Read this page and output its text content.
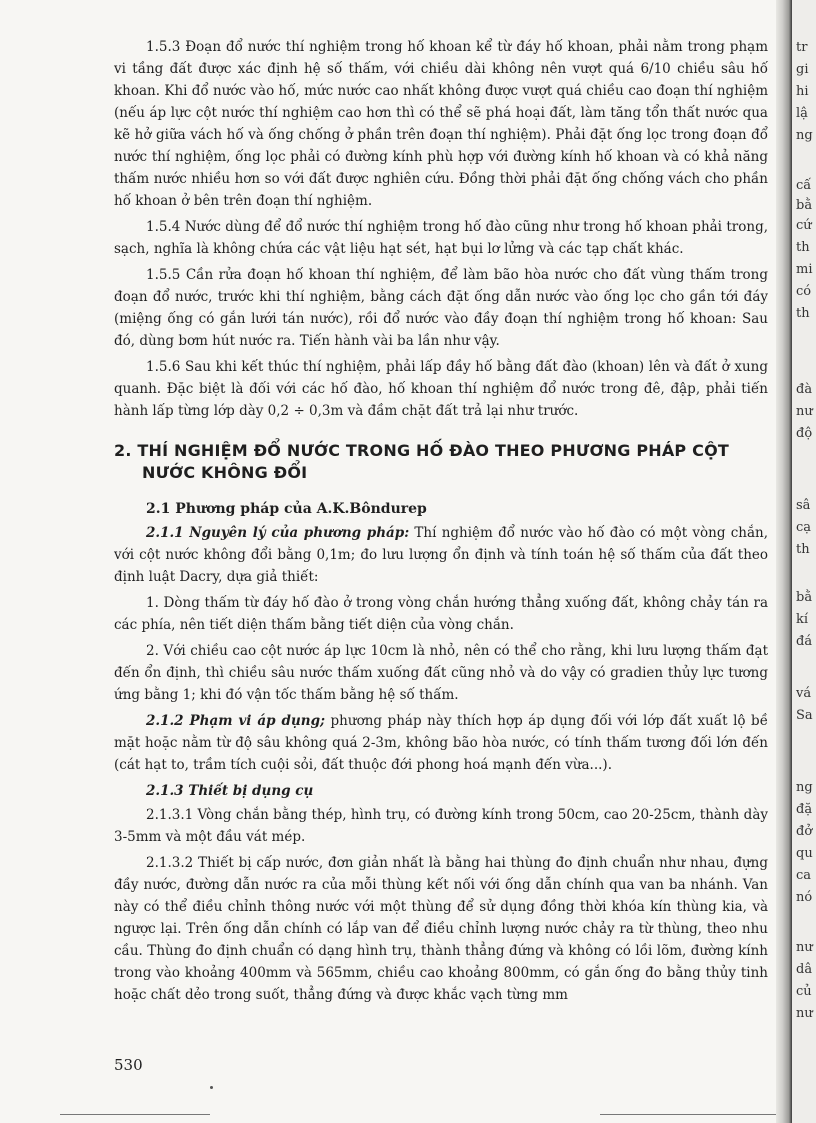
1.5.3 Đoạn đổ nước thí nghiệm trong hố khoan kể từ đáy hố khoan, phải nằm trong phạm vi tầng đất được xác định hệ số thấm, với chiều dài không nên vượt quá 6/10 chiều sâu hố khoan. Khi đổ nước vào hố, mức nước cao nhất không được vượt quá chiều cao đoạn thí nghiệm (nếu áp lực cột nước thí nghiệm cao hơn thì có thể sẽ phá hoại đất, làm tăng tổn thất nước qua kẽ hở giữa vách hố và ống chống ở phần trên đoạn thí nghiệm). Phải đặt ống lọc trong đoạn đổ nước thí nghiệm, ống lọc phải có đường kính phù hợp với đường kính hố khoan và có khả năng thấm nước nhiều hơn so với đất được nghiên cứu. Đồng thời phải đặt ống chống vách cho phần hố khoan ở bên trên đoạn thí nghiệm.

1.5.4 Nước dùng để đổ nước thí nghiệm trong hố đào cũng như trong hố khoan phải trong, sạch, nghĩa là không chứa các vật liệu hạt sét, hạt bụi lơ lửng và các tạp chất khác.

1.5.5 Cần rửa đoạn hố khoan thí nghiệm, để làm bão hòa nước cho đất vùng thấm trong đoạn đổ nước, trước khi thí nghiệm, bằng cách đặt ống dẫn nước vào ống lọc cho gần tới đáy (miệng ống có gắn lưới tán nước), rồi đổ nước vào đầy đoạn thí nghiệm trong hố khoan: Sau đó, dùng bơm hút nước ra. Tiến hành vài ba lần như vậy.

1.5.6 Sau khi kết thúc thí nghiệm, phải lấp đầy hố bằng đất đào (khoan) lên và đất ở xung quanh. Đặc biệt là đối với các hố đào, hố khoan thí nghiệm đổ nước trong đê, đập, phải tiến hành lấp từng lớp dày 0,2 ÷ 0,3m và đầm chặt đất trả lại như trước.

2. THÍ NGHIỆM ĐỔ NƯỚC TRONG HỐ ĐÀO THEO PHƯƠNG PHÁP CỘT NƯỚC KHÔNG ĐỔI
2.1 Phương pháp của A.K.Bôndurep

2.1.1 Nguyên lý của phương pháp: Thí nghiệm đổ nước vào hố đào có một vòng chắn, với cột nước không đổi bằng 0,1m; đo lưu lượng ổn định và tính toán hệ số thấm của đất theo định luật Dacry, dựa giả thiết:

1. Dòng thấm từ đáy hố đào ở trong vòng chắn hướng thẳng xuống đất, không chảy tán ra các phía, nên tiết diện thấm bằng tiết diện của vòng chắn.

2. Với chiều cao cột nước áp lực 10cm là nhỏ, nên có thể cho rằng, khi lưu lượng thấm đạt đến ổn định, thì chiều sâu nước thấm xuống đất cũng nhỏ và do vậy có gradien thủy lực tương ứng bằng 1; khi đó vận tốc thấm bằng hệ số thấm.

2.1.2 Phạm vi áp dụng; phương pháp này thích hợp áp dụng đối với lớp đất xuất lộ bề mặt hoặc nằm từ độ sâu không quá 2-3m, không bão hòa nước, có tính thấm tương đối lớn đến (cát hạt to, trầm tích cuội sỏi, đất thuộc đới phong hoá mạnh đến vừa...).

2.1.3 Thiết bị dụng cụ

2.1.3.1 Vòng chắn bằng thép, hình trụ, có đường kính trong 50cm, cao 20-25cm, thành dày 3-5mm và một đầu vát mép.

2.1.3.2 Thiết bị cấp nước, đơn giản nhất là bằng hai thùng đo định chuẩn như nhau, đựng đầy nước, đường dẫn nước ra của mỗi thùng kết nối với ống dẫn chính qua van ba nhánh. Van này có thể điều chỉnh thông nước với một thùng để sử dụng đồng thời khóa kín thùng kia, và ngược lại. Trên ống dẫn chính có lắp van để điều chỉnh lượng nước chảy ra từ thùng, theo nhu cầu. Thùng đo định chuẩn có dạng hình trụ, thành thẳng đứng và không có lồi lõm, đường kính trong vào khoảng 400mm và 565mm, chiều cao khoảng 800mm, có gắn ống đo bằng thủy tinh hoặc chất dẻo trong suốt, thẳng đứng và được khắc vạch từng mm

530
tr
gi
hi
lậ
ng
cấ
bằ
cứ
th
mi
có
th
đà
nư
độ
sâ
cạ
th
bằ
kí
đá
vá
Sa
ng
đặ
đở
qu
ca
nó
nư
dâ
củ
nư
